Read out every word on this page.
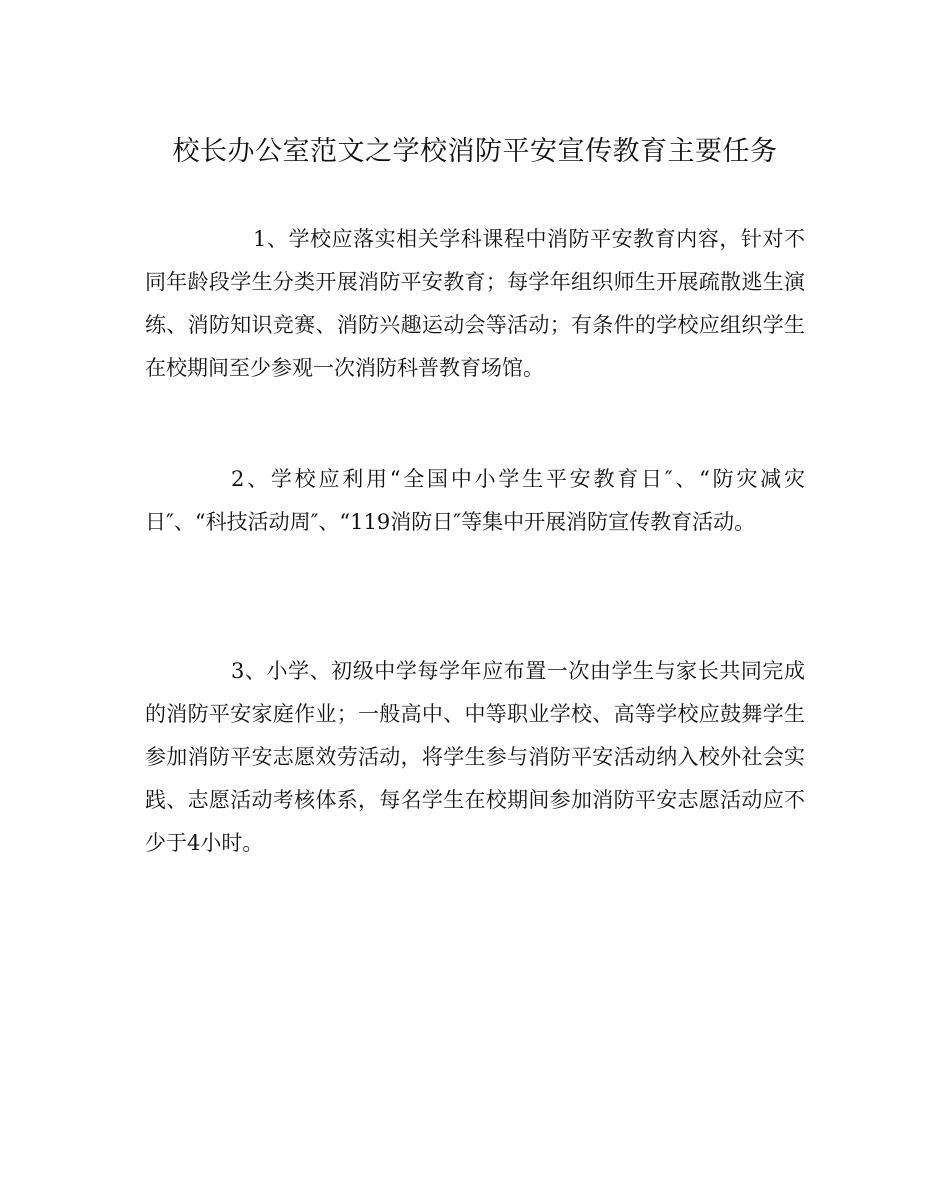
校长办公室范文之学校消防平安宣传教育主要任务

1、学校应落实相关学科课程中消防平安教育内容，针对不同年龄段学生分类开展消防平安教育；每学年组织师生开展疏散逃生演练、消防知识竞赛、消防兴趣运动会等活动；有条件的学校应组织学生在校期间至少参观一次消防科普教育场馆。

2、学校应利用“全国中小学生平安教育日″、“防灾减灾日″、“科技活动周″、“119消防日″等集中开展消防宣传教育活动。

3、小学、初级中学每学年应布置一次由学生与家长共同完成的消防平安家庭作业；一般高中、中等职业学校、高等学校应鼓舞学生参加消防平安志愿效劳活动，将学生参与消防平安活动纳入校外社会实践、志愿活动考核体系，每名学生在校期间参加消防平安志愿活动应不少于4小时。
